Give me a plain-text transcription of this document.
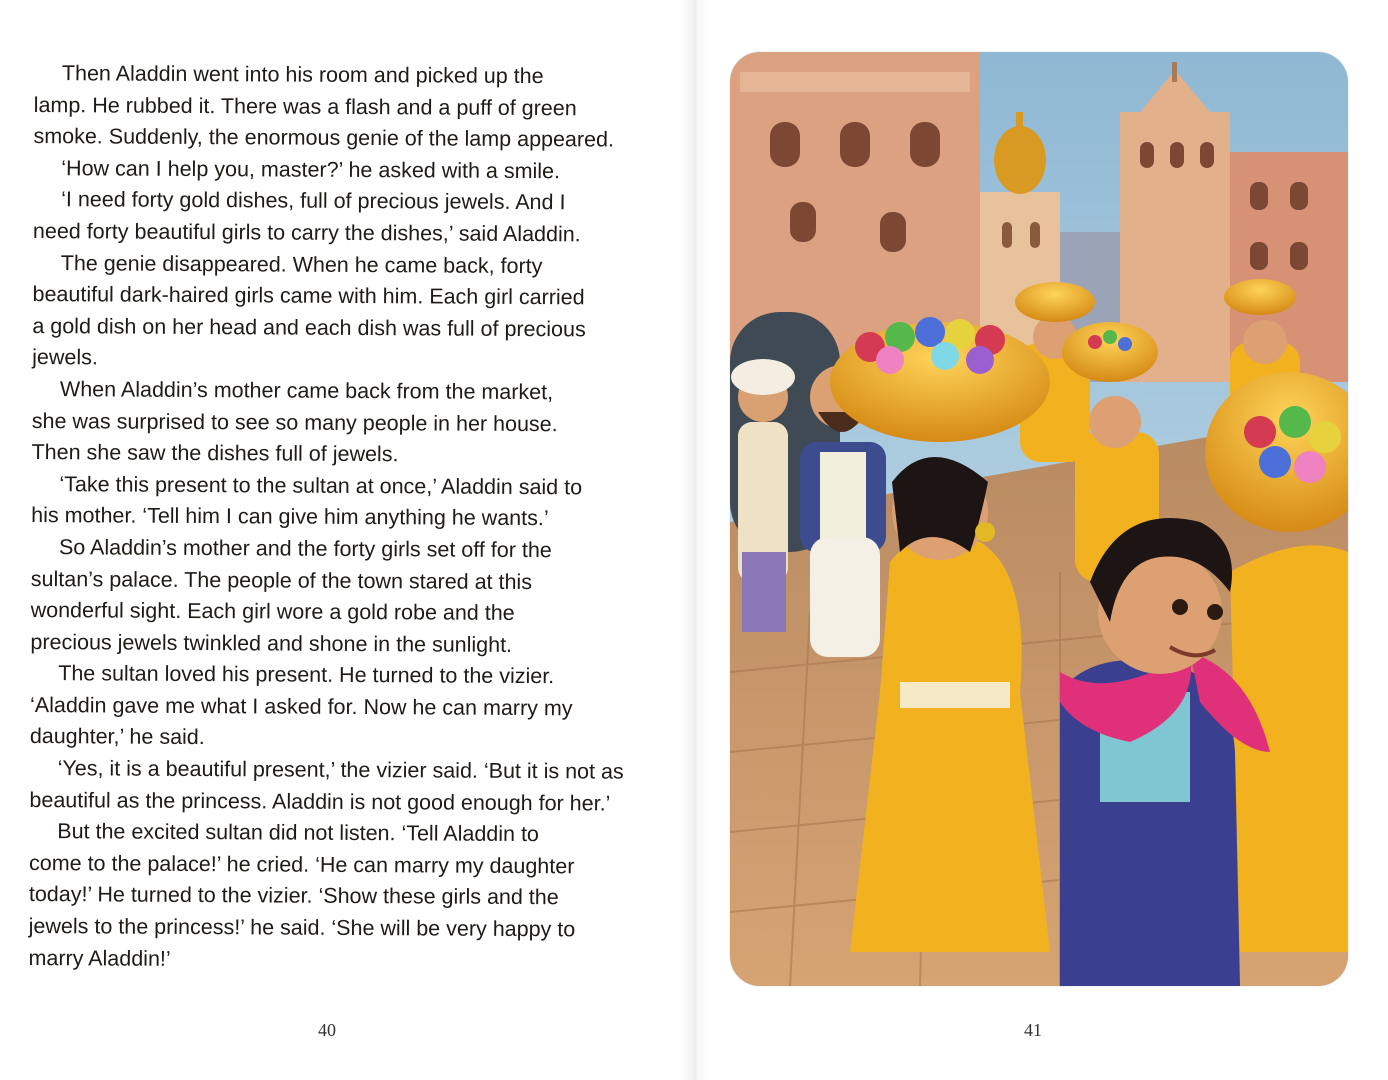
Then Aladdin went into his room and picked up the
lamp. He rubbed it. There was a flash and a puff of green
smoke. Suddenly, the enormous genie of the lamp appeared.

‘How can I help you, master?’ he asked with a smile.

‘I need forty gold dishes, full of precious jewels. And I
need forty beautiful girls to carry the dishes,’ said Aladdin.

The genie disappeared. When he came back, forty
beautiful dark-haired girls came with him. Each girl carried
a gold dish on her head and each dish was full of precious
jewels.

When Aladdin’s mother came back from the market,
she was surprised to see so many people in her house.
Then she saw the dishes full of jewels.

‘Take this present to the sultan at once,’ Aladdin said to
his mother. ‘Tell him I can give him anything he wants.’

So Aladdin’s mother and the forty girls set off for the
sultan’s palace. The people of the town stared at this
wonderful sight. Each girl wore a gold robe and the
precious jewels twinkled and shone in the sunlight.

The sultan loved his present. He turned to the vizier.
‘Aladdin gave me what I asked for. Now he can marry my
daughter,’ he said.

‘Yes, it is a beautiful present,’ the vizier said. ‘But it is not as
beautiful as the princess. Aladdin is not good enough for her.’

But the excited sultan did not listen. ‘Tell Aladdin to
come to the palace!’ he cried. ‘He can marry my daughter
today!’ He turned to the vizier. ‘Show these girls and the
jewels to the princess!’ he said. ‘She will be very happy to
marry Aladdin!’

40	41
